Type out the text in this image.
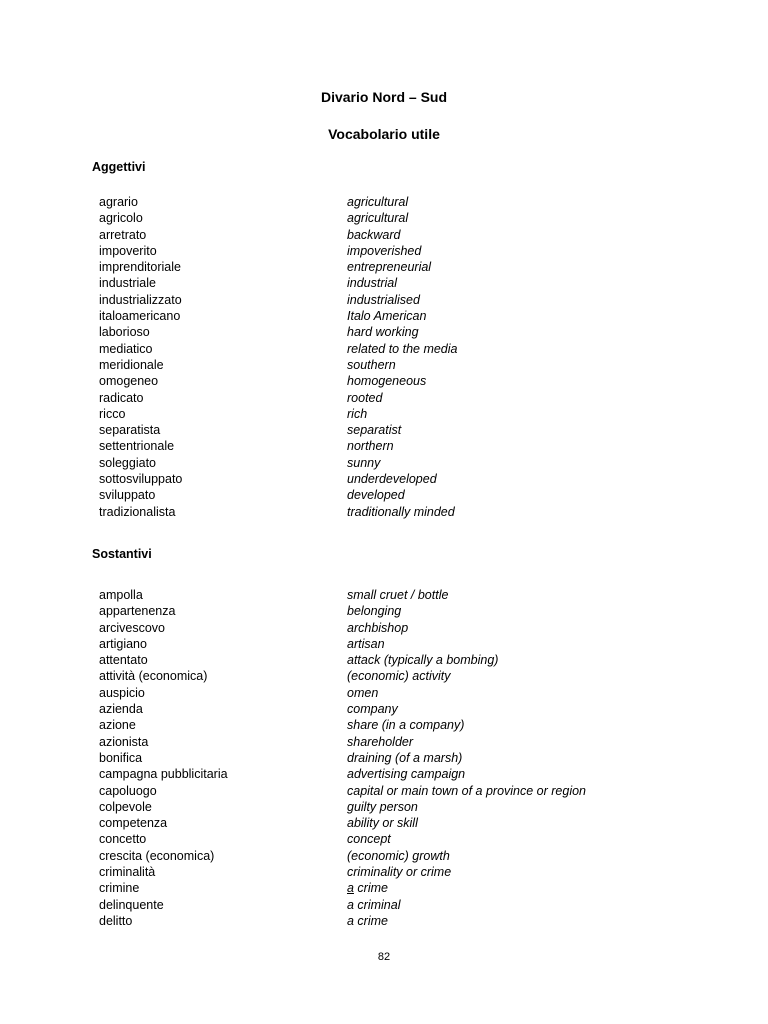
Divario Nord – Sud
Vocabolario utile
Aggettivi
agrario	agricultural
agricolo	agricultural
arretrato	backward
impoverito	impoverished
imprenditoriale	entrepreneurial
industriale	industrial
industrializzato	industrialised
italoamericano	Italo American
laborioso	hard working
mediatico	related to the media
meridionale	southern
omogeneo	homogeneous
radicato	rooted
ricco	rich
separatista	separatist
settentrionale	northern
soleggiato	sunny
sottosviluppato	underdeveloped
sviluppato	developed
tradizionalista	traditionally minded
Sostantivi
ampolla	small cruet / bottle
appartenenza	belonging
arcivescovo	archbishop
artigiano	artisan
attentato	attack (typically a bombing)
attività (economica)	(economic) activity
auspicio	omen
azienda	company
azione	share (in a company)
azionista	shareholder
bonifica	draining (of a marsh)
campagna pubblicitaria	advertising campaign
capoluogo	capital or main town of a province or region
colpevole	guilty person
competenza	ability or skill
concetto	concept
crescita (economica)	(economic) growth
criminalità	criminality or crime
crimine	a crime
delinquente	a criminal
delitto	a crime
82
